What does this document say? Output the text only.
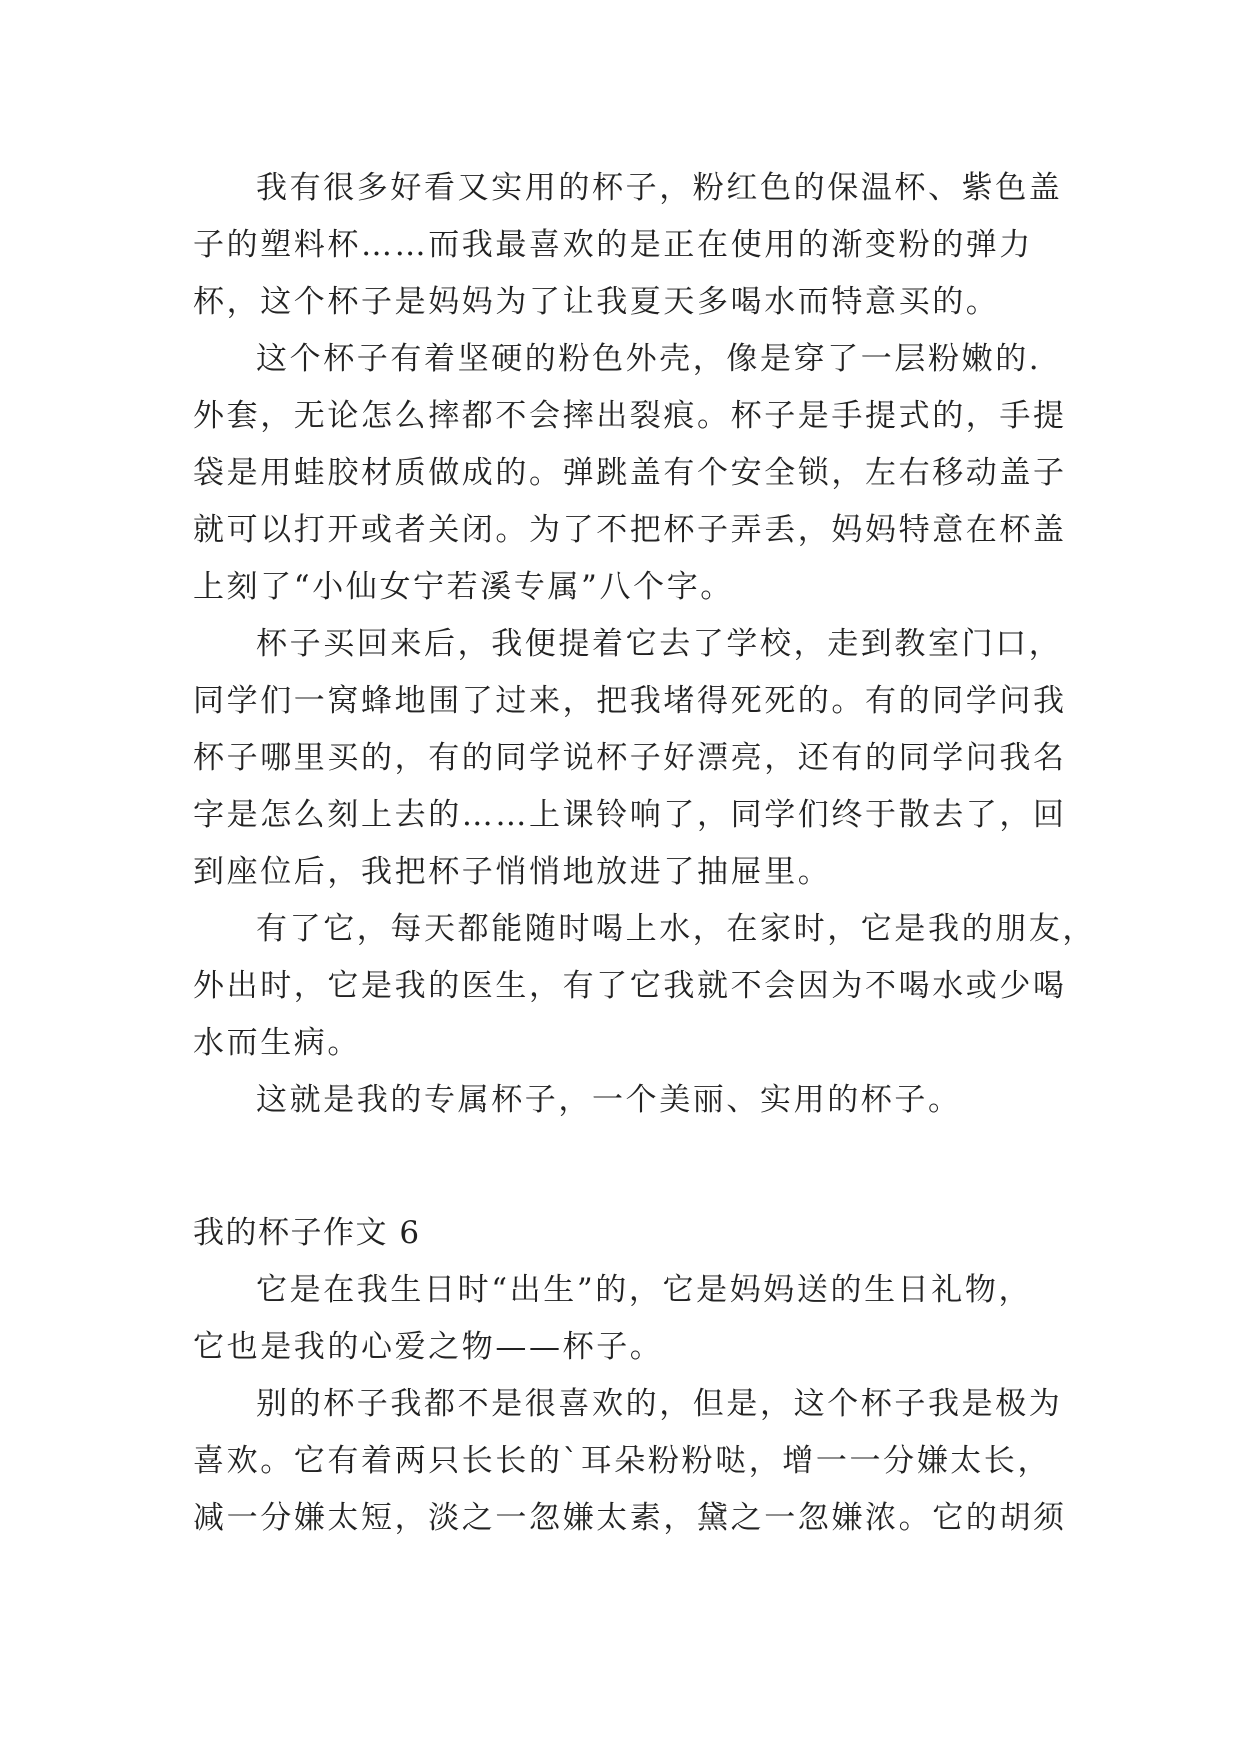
我有很多好看又实用的杯子，粉红色的保温杯、紫色盖
子的塑料杯……而我最喜欢的是正在使用的渐变粉的弹力
杯，这个杯子是妈妈为了让我夏天多喝水而特意买的。
这个杯子有着坚硬的粉色外壳，像是穿了一层粉嫩的.
外套，无论怎么摔都不会摔出裂痕。杯子是手提式的，手提
袋是用蛙胶材质做成的。弹跳盖有个安全锁，左右移动盖子
就可以打开或者关闭。为了不把杯子弄丢，妈妈特意在杯盖
上刻了“小仙女宁若溪专属”八个字。
杯子买回来后，我便提着它去了学校，走到教室门口，
同学们一窝蜂地围了过来，把我堵得死死的。有的同学问我
杯子哪里买的，有的同学说杯子好漂亮，还有的同学问我名
字是怎么刻上去的……上课铃响了，同学们终于散去了，回
到座位后，我把杯子悄悄地放进了抽屉里。
有了它，每天都能随时喝上水，在家时，它是我的朋友，
外出时，它是我的医生，有了它我就不会因为不喝水或少喝
水而生病。
这就是我的专属杯子，一个美丽、实用的杯子。
我的杯子作文 6
它是在我生日时“出生”的，它是妈妈送的生日礼物，
它也是我的心爱之物——杯子。
别的杯子我都不是很喜欢的，但是，这个杯子我是极为
喜欢。它有着两只长长的`耳朵粉粉哒，增一一分嫌太长，
减一分嫌太短，淡之一忽嫌太素，黛之一忽嫌浓。它的胡须
